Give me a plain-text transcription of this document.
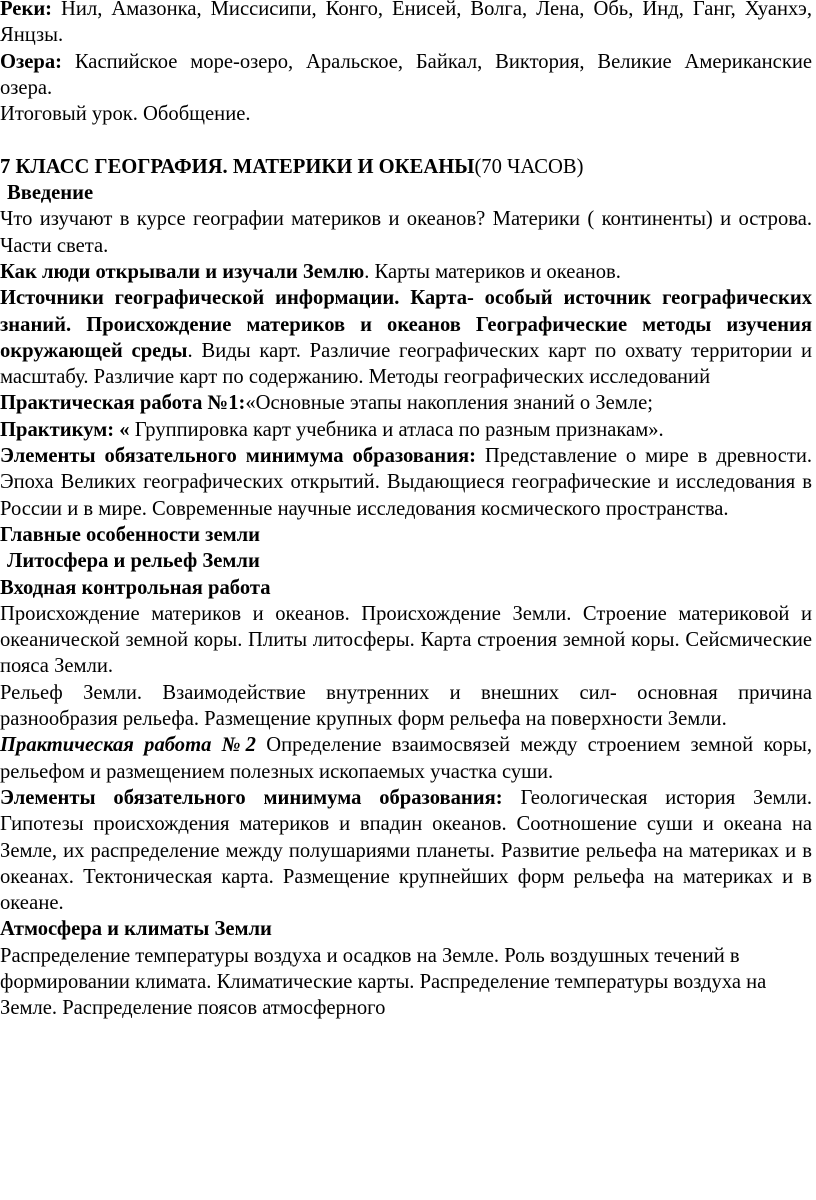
Реки: Нил, Амазонка, Миссисипи, Конго, Енисей, Волга, Лена, Обь, Инд, Ганг, Хуанхэ, Янцзы.

Озера: Каспийское море-озеро, Аральское, Байкал, Виктория, Великие Американские озера.

Итоговый урок. Обобщение.

7 КЛАСС ГЕОГРАФИЯ. МАТЕРИКИ И ОКЕАНЫ(70 ЧАСОВ)

Введение

Что изучают в курсе географии материков и океанов? Материки ( континенты) и острова. Части света.

Как люди открывали и изучали Землю. Карты материков и океанов.

Источники географической информации. Карта- особый источник географических знаний. Происхождение материков и океанов Географические методы изучения окружающей среды. Виды карт. Различие географических карт по охвату территории и масштабу. Различие карт по содержанию. Методы географических исследований

Практическая работа №1:«Основные этапы накопления знаний о Земле;

Практикум: « Группировка карт учебника и атласа по разным признакам».

Элементы обязательного минимума образования: Представление о мире в древности. Эпоха Великих географических открытий. Выдающиеся географические и исследования в России и в мире. Современные научные исследования космического пространства.

Главные особенности земли

Литосфера и рельеф Земли

Входная контрольная работа

Происхождение материков и океанов. Происхождение Земли. Строение материковой и океанической земной коры. Плиты литосферы. Карта строения земной коры. Сейсмические пояса Земли.

Рельеф Земли. Взаимодействие внутренних и внешних сил- основная причина разнообразия рельефа. Размещение крупных форм рельефа на поверхности Земли.

Практическая работа №2 Определение взаимосвязей между строением земной коры, рельефом и размещением полезных ископаемых участка суши.

Элементы обязательного минимума образования: Геологическая история Земли. Гипотезы происхождения материков и впадин океанов. Соотношение суши и океана на Земле, их распределение между полушариями планеты. Развитие рельефа на материках и в океанах. Тектоническая карта. Размещение крупнейших форм рельефа на материках и в океане.

Атмосфера и климаты Земли

Распределение температуры воздуха и осадков на Земле. Роль воздушных течений в формировании климата. Климатические карты. Распределение температуры воздуха на Земле. Распределение поясов атмосферного
